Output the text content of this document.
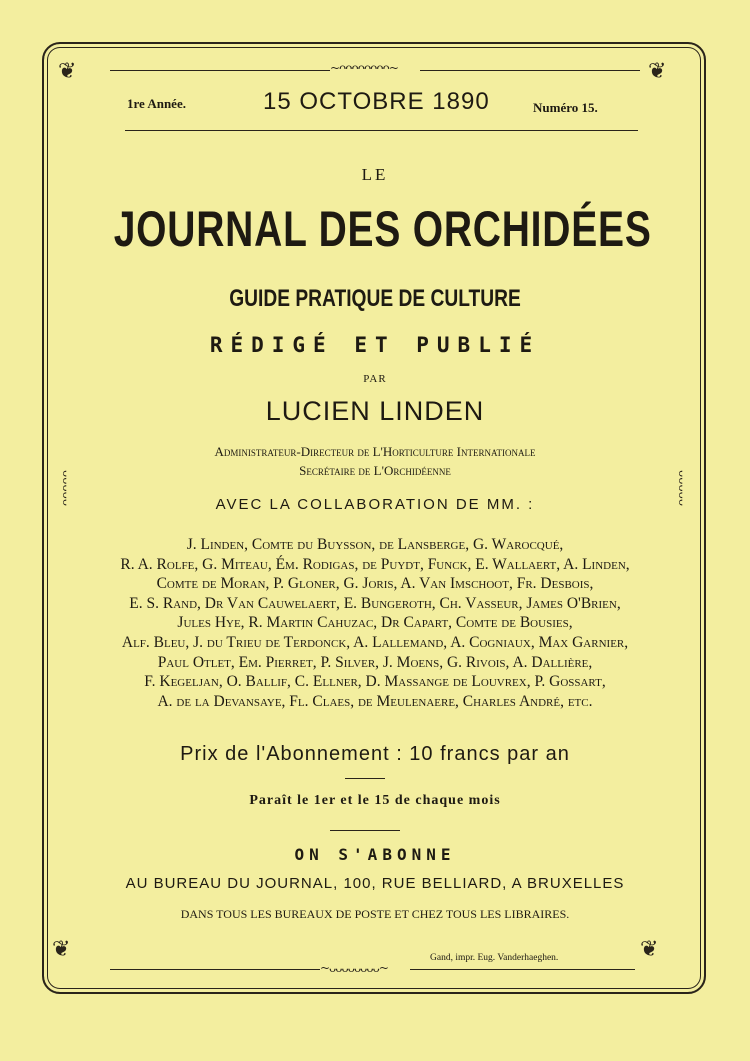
❦	❦
❦	❦
~ᴖᴖᴖᴖᴖᴖᴖᴖ~
~ᴗᴗᴗᴗᴗᴗᴗᴗ~
ᴗᴗᴗᴗᴗ	ᴗᴗᴗᴗᴗ
1re Année.	15 OCTOBRE 1890	Numéro 15.
LE
JOURNAL DES ORCHIDÉES
GUIDE PRATIQUE DE CULTURE
RÉDIGÉ ET PUBLIÉ
PAR
LUCIEN LINDEN
Administrateur-Directeur de L'Horticulture Internationale
Secrétaire de L'Orchidéenne
AVEC LA COLLABORATION DE MM. :
J. Linden, Comte du Buysson, de Lansberge, G. Warocqué,
R. A. Rolfe, G. Miteau, Ém. Rodigas, de Puydt, Funck, E. Wallaert, A. Linden,
Comte de Moran, P. Gloner, G. Joris, A. Van Imschoot, Fr. Desbois,
E. S. Rand, Dr Van Cauwelaert, E. Bungeroth, Ch. Vasseur, James O'Brien,
Jules Hye, R. Martin Cahuzac, Dr Capart, Comte de Bousies,
Alf. Bleu, J. du Trieu de Terdonck, A. Lallemand, A. Cogniaux, Max Garnier,
Paul Otlet, Em. Pierret, P. Silver, J. Moens, G. Rivois, A. Dallière,
F. Kegeljan, O. Ballif, C. Ellner, D. Massange de Louvrex, P. Gossart,
A. de la Devansaye, Fl. Claes, de Meulenaere, Charles André, etc.
Prix de l'Abonnement : 10 francs par an
Paraît le 1er et le 15 de chaque mois
ON S'ABONNE
AU BUREAU DU JOURNAL, 100, RUE BELLIARD, A BRUXELLES
DANS TOUS LES BUREAUX DE POSTE ET CHEZ TOUS LES LIBRAIRES.
Gand, impr. Eug. Vanderhaeghen.
